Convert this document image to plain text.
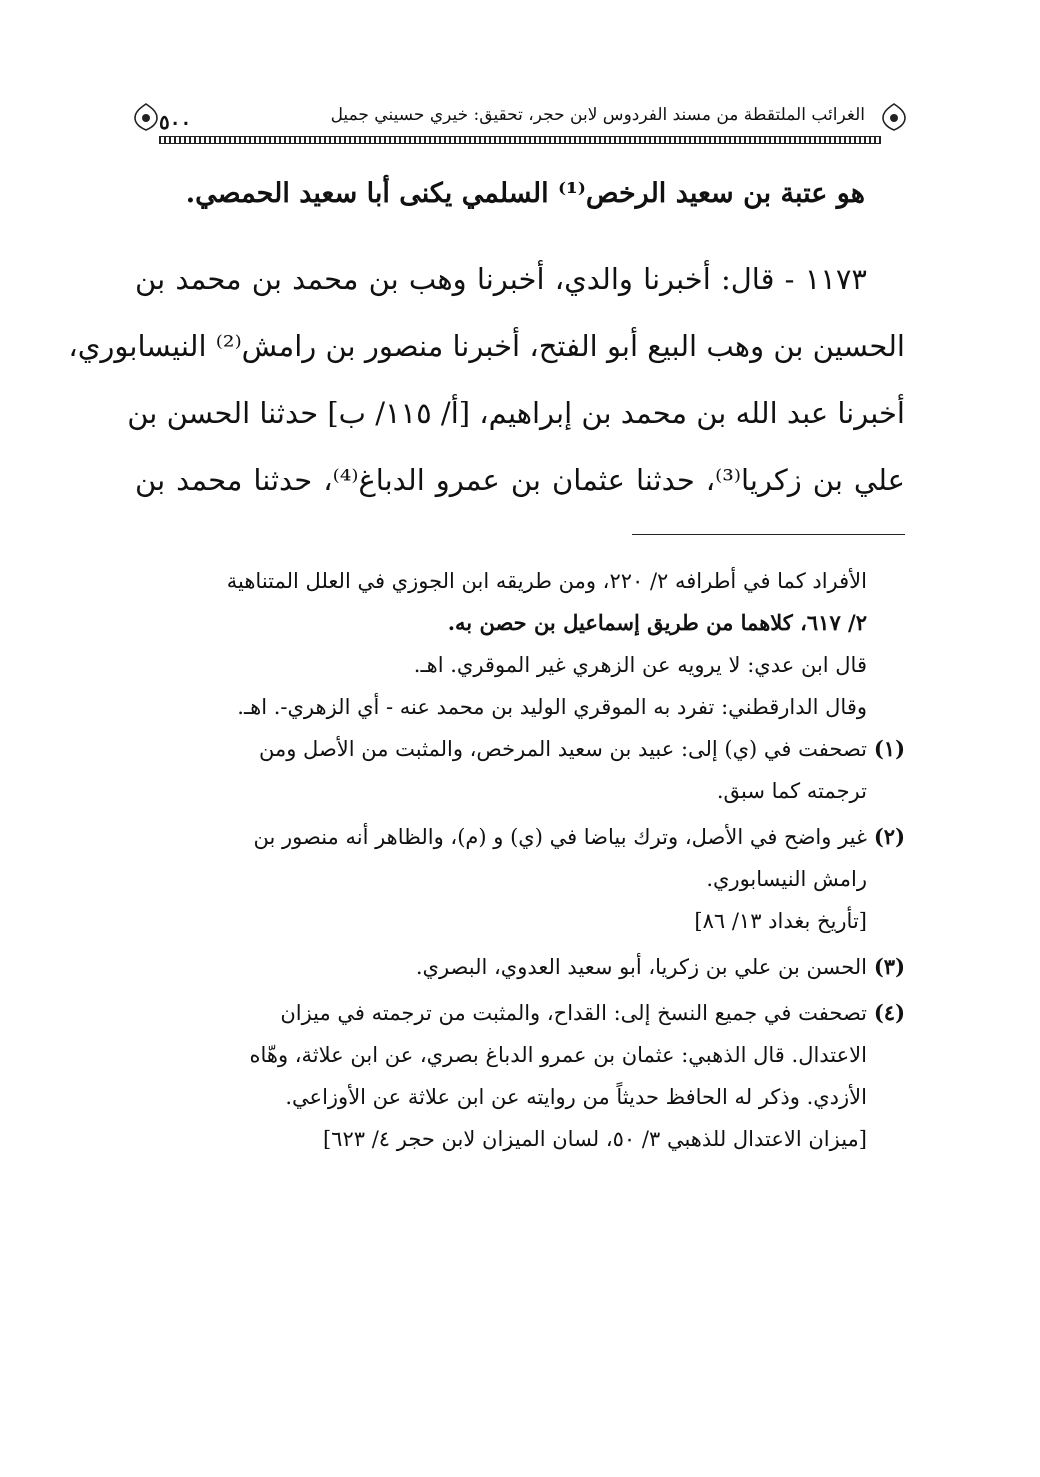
٥٠٠	الغرائب الملتقطة من مسند الفردوس لابن حجر، تحقيق: خيري حسيني جميل
هو عتبة بن سعيد الرخص⁽¹⁾ السلمي يكنى أبا سعيد الحمصي.
١١٧٣ - قال: أخبرنا والدي، أخبرنا وهب بن محمد بن محمد بن
الحسين بن وهب البيع أبو الفتح، أخبرنا منصور بن رامش⁽²⁾ النيسابوري،
أخبرنا عبد الله بن محمد بن إبراهيم، [أ/ ١١٥/ ب] حدثنا الحسن بن
علي بن زكريا⁽³⁾، حدثنا عثمان بن عمرو الدباغ⁽⁴⁾، حدثنا محمد بن
الأفراد كما في أطرافه ٢/ ٢٢٠، ومن طريقه ابن الجوزي في العلل المتناهية
٢/ ٦١٧، كلاهما من طريق إسماعيل بن حصن به.
قال ابن عدي: لا يرويه عن الزهري غير الموقري. اهـ.
وقال الدارقطني: تفرد به الموقري الوليد بن محمد عنه - أي الزهري-. اهـ.
(١)
تصحفت في (ي) إلى: عبيد بن سعيد المرخص، والمثبت من الأصل ومن
ترجمته كما سبق.
(٢)
غير واضح في الأصل، وترك بياضا في (ي) و (م)، والظاهر أنه منصور بن
رامش النيسابوري.
[تأريخ بغداد ١٣/ ٨٦]
(٣)
الحسن بن علي بن زكريا، أبو سعيد العدوي، البصري.
(٤)
تصحفت في جميع النسخ إلى: القداح، والمثبت من ترجمته في ميزان
الاعتدال. قال الذهبي: عثمان بن عمرو الدباغ بصري، عن ابن علاثة، وهّاه
الأزدي. وذكر له الحافظ حديثاً من روايته عن ابن علاثة عن الأوزاعي.
[ميزان الاعتدال للذهبي ٣/ ٥٠، لسان الميزان لابن حجر ٤/ ٦٢٣]
